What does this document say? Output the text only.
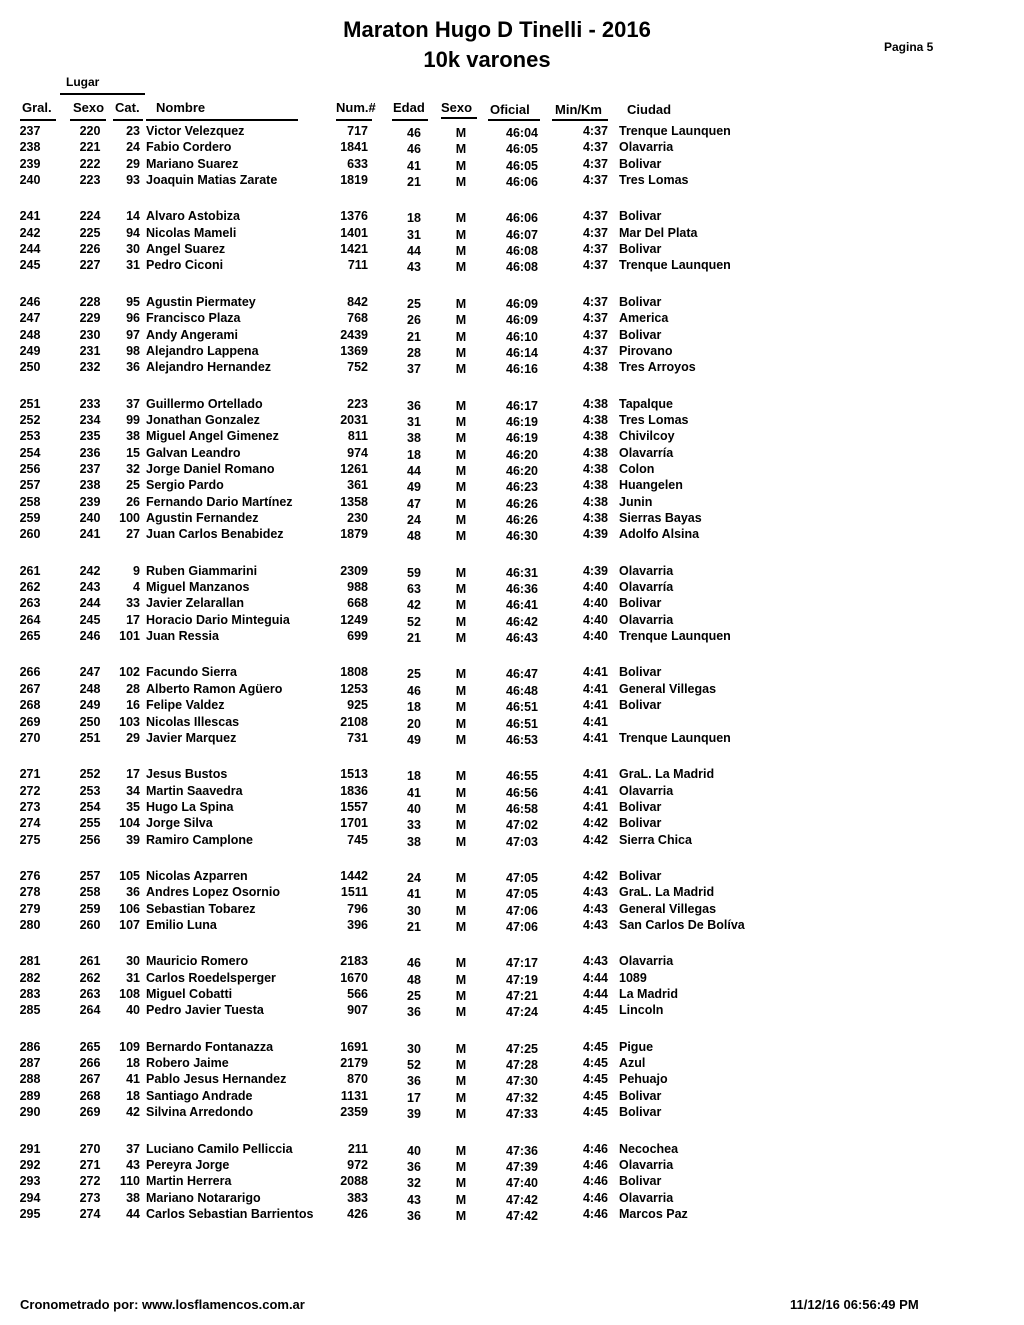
Maraton Hugo D Tinelli - 2016
10k varones	Pagina 5
Lugar
Gral. Sexo Cat. Nombre	Num.# Edad Sexo Oficial Min/Km Ciudad
237	220	23 Victor Velezquez	717	46	M	46:04	4:37 Trenque Launquen
238	221	24 Fabio Cordero	1841	46	M	46:05	4:37 Olavarria
239	222	29 Mariano Suarez	633	41	M	46:05	4:37 Bolivar
240	223	93 Joaquin Matias Zarate	1819	21	M	46:06	4:37 Tres Lomas
241	224	14 Alvaro Astobiza	1376	18	M	46:06	4:37 Bolivar
242	225	94 Nicolas Mameli	1401	31	M	46:07	4:37 Mar Del Plata
244	226	30 Angel Suarez	1421	44	M	46:08	4:37 Bolivar
245	227	31 Pedro Ciconi	711	43	M	46:08	4:37 Trenque Launquen
246	228	95 Agustin Piermatey	842	25	M	46:09	4:37 Bolivar
247	229	96 Francisco Plaza	768	26	M	46:09	4:37 America
248	230	97 Andy Angerami	2439	21	M	46:10	4:37 Bolivar
249	231	98 Alejandro Lappena	1369	28	M	46:14	4:37 Pirovano
250	232	36 Alejandro Hernandez	752	37	M	46:16	4:38 Tres Arroyos
251	233	37 Guillermo Ortellado	223	36	M	46:17	4:38 Tapalque
252	234	99 Jonathan Gonzalez	2031	31	M	46:19	4:38 Tres Lomas
253	235	38 Miguel Angel Gimenez	811	38	M	46:19	4:38 Chivilcoy
254	236	15 Galvan Leandro	974	18	M	46:20	4:38 Olavarría
256	237	32 Jorge Daniel Romano	1261	44	M	46:20	4:38 Colon
257	238	25 Sergio Pardo	361	49	M	46:23	4:38 Huangelen
258	239	26 Fernando Dario Martínez	1358	47	M	46:26	4:38 Junin
259	240	100 Agustin Fernandez	230	24	M	46:26	4:38 Sierras Bayas
260	241	27 Juan Carlos Benabidez	1879	48	M	46:30	4:39 Adolfo Alsina
261	242	9 Ruben Giammarini	2309	59	M	46:31	4:39 Olavarria
262	243	4 Miguel Manzanos	988	63	M	46:36	4:40 Olavarría
263	244	33 Javier Zelarallan	668	42	M	46:41	4:40 Bolivar
264	245	17 Horacio Dario Minteguia	1249	52	M	46:42	4:40 Olavarria
265	246	101 Juan Ressia	699	21	M	46:43	4:40 Trenque Launquen
266	247	102 Facundo Sierra	1808	25	M	46:47	4:41 Bolivar
267	248	28 Alberto Ramon Agüero	1253	46	M	46:48	4:41 General Villegas
268	249	16 Felipe Valdez	925	18	M	46:51	4:41 Bolivar
269	250	103 Nicolas Illescas	2108	20	M	46:51	4:41
270	251	29 Javier Marquez	731	49	M	46:53	4:41 Trenque Launquen
271	252	17 Jesus Bustos	1513	18	M	46:55	4:41 GraL. La Madrid
272	253	34 Martin Saavedra	1836	41	M	46:56	4:41 Olavarria
273	254	35 Hugo La Spina	1557	40	M	46:58	4:41 Bolivar
274	255	104 Jorge Silva	1701	33	M	47:02	4:42 Bolivar
275	256	39 Ramiro Camplone	745	38	M	47:03	4:42 Sierra Chica
276	257	105 Nicolas Azparren	1442	24	M	47:05	4:42 Bolivar
278	258	36 Andres Lopez Osornio	1511	41	M	47:05	4:43 GraL. La Madrid
279	259	106 Sebastian Tobarez	796	30	M	47:06	4:43 General Villegas
280	260	107 Emilio Luna	396	21	M	47:06	4:43 San Carlos De Bolíva
281	261	30 Mauricio Romero	2183	46	M	47:17	4:43 Olavarria
282	262	31 Carlos Roedelsperger	1670	48	M	47:19	4:44 1089
283	263	108 Miguel Cobatti	566	25	M	47:21	4:44 La Madrid
285	264	40 Pedro Javier Tuesta	907	36	M	47:24	4:45 Lincoln
286	265	109 Bernardo Fontanazza	1691	30	M	47:25	4:45 Pigue
287	266	18 Robero Jaime	2179	52	M	47:28	4:45 Azul
288	267	41 Pablo Jesus Hernandez	870	36	M	47:30	4:45 Pehuajo
289	268	18 Santiago Andrade	1131	17	M	47:32	4:45 Bolivar
290	269	42 Silvina Arredondo	2359	39	M	47:33	4:45 Bolivar
291	270	37 Luciano Camilo Pelliccia	211	40	M	47:36	4:46 Necochea
292	271	43 Pereyra Jorge	972	36	M	47:39	4:46 Olavarria
293	272	110 Martin Herrera	2088	32	M	47:40	4:46 Bolivar
294	273	38 Mariano Notararigo	383	43	M	47:42	4:46 Olavarria
295	274	44 Carlos Sebastian Barrientos	426	36	M	47:42	4:46 Marcos Paz
Cronometrado por: www.losflamencos.com.ar	11/12/16 06:56:49 PM
